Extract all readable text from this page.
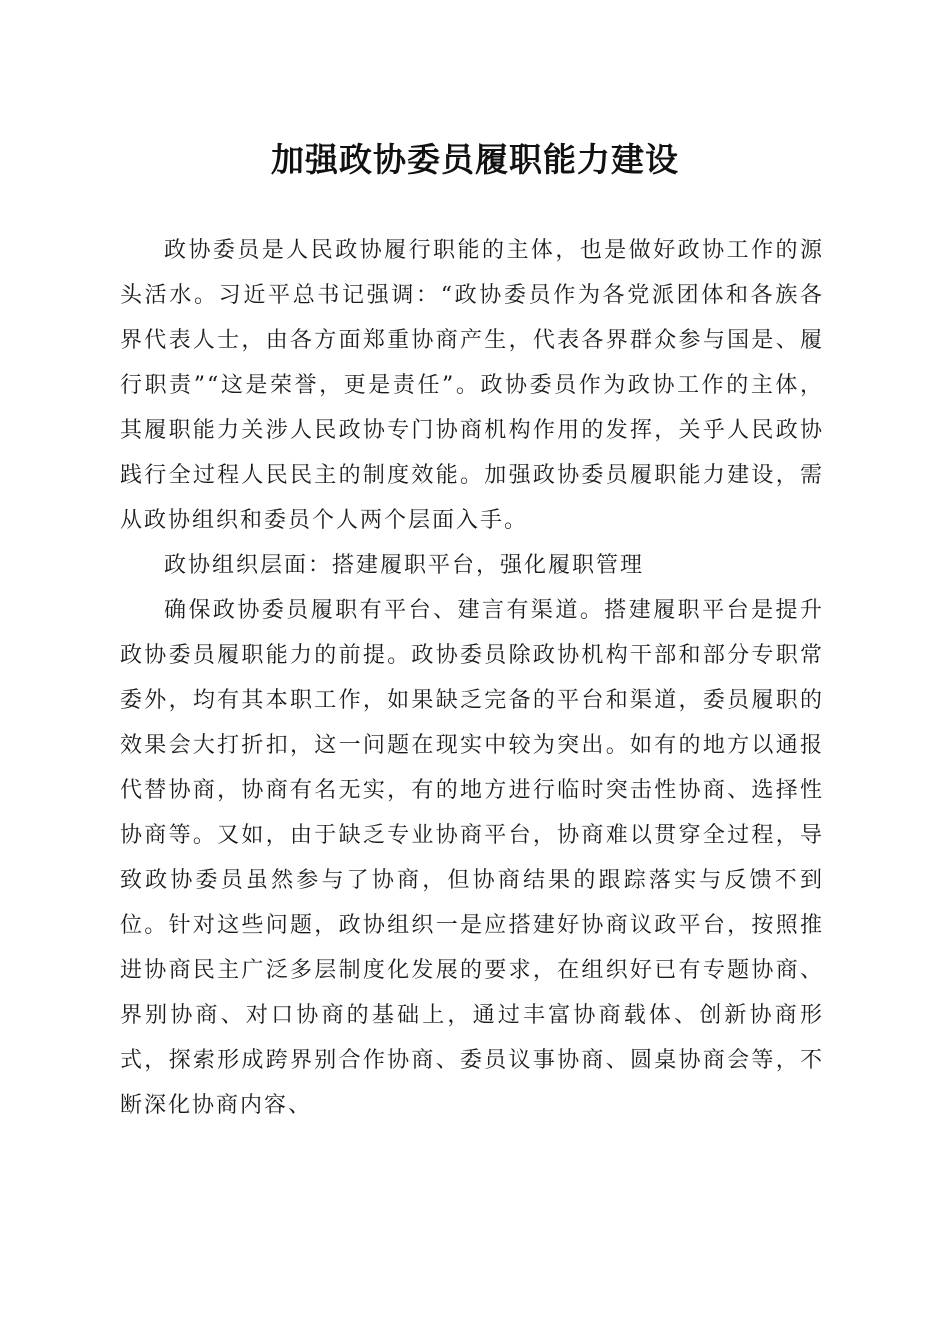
加强政协委员履职能力建设

政协委员是人民政协履行职能的主体，也是做好政协工作的源头活水。习近平总书记强调：“政协委员作为各党派团体和各族各界代表人士，由各方面郑重协商产生，代表各界群众参与国是、履行职责”“这是荣誉，更是责任”。政协委员作为政协工作的主体，其履职能力关涉人民政协专门协商机构作用的发挥，关乎人民政协践行全过程人民民主的制度效能。加强政协委员履职能力建设，需从政协组织和委员个人两个层面入手。

政协组织层面：搭建履职平台，强化履职管理

确保政协委员履职有平台、建言有渠道。搭建履职平台是提升政协委员履职能力的前提。政协委员除政协机构干部和部分专职常委外，均有其本职工作，如果缺乏完备的平台和渠道，委员履职的效果会大打折扣，这一问题在现实中较为突出。如有的地方以通报代替协商，协商有名无实，有的地方进行临时突击性协商、选择性协商等。又如，由于缺乏专业协商平台，协商难以贯穿全过程，导致政协委员虽然参与了协商，但协商结果的跟踪落实与反馈不到位。针对这些问题，政协组织一是应搭建好协商议政平台，按照推进协商民主广泛多层制度化发展的要求，在组织好已有专题协商、界别协商、对口协商的基础上，通过丰富协商载体、创新协商形式，探索形成跨界别合作协商、委员议事协商、圆桌协商会等，不断深化协商内容、
